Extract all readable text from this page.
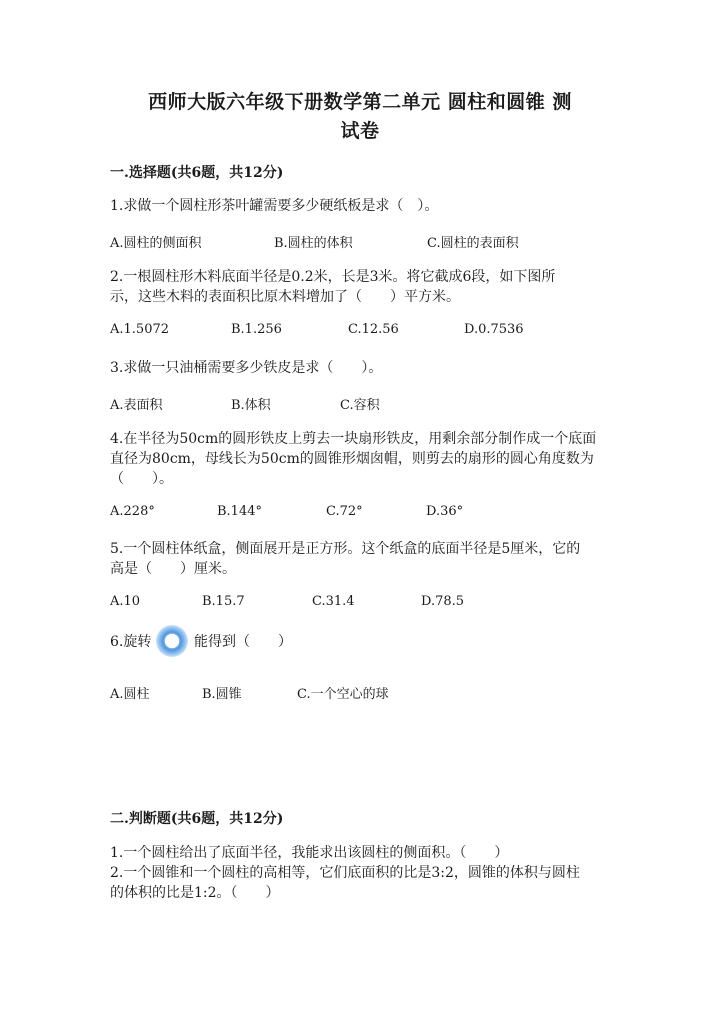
西师大版六年级下册数学第二单元 圆柱和圆锥 测
试卷
一.选择题(共6题，共12分)
1.求做一个圆柱形茶叶罐需要多少硬纸板是求（　）。
A.圆柱的侧面积	B.圆柱的体积	C.圆柱的表面积
2.一根圆柱形木料底面半径是0.2米，长是3米。将它截成6段，如下图所
示，这些木料的表面积比原木料增加了（　　）平方米。
A.1.5072	B.1.256	C.12.56	D.0.7536
3.求做一只油桶需要多少铁皮是求（　　）。
A.表面积	B.体积	C.容积
4.在半径为50cm的圆形铁皮上剪去一块扇形铁皮，用剩余部分制作成一个底面
直径为80cm，母线长为50cm的圆锥形烟囱帽，则剪去的扇形的圆心角度数为
（　　）。
A.228°	B.144°	C.72°	D.36°
5.一个圆柱体纸盒，侧面展开是正方形。这个纸盒的底面半径是5厘米，它的
高是（　　）厘米。
A.10	B.15.7	C.31.4	D.78.5
6.旋转	能得到（　　）
A.圆柱	B.圆锥	C.一个空心的球
二.判断题(共6题，共12分)
1.一个圆柱给出了底面半径，我能求出该圆柱的侧面积。（　　）
2.一个圆锥和一个圆柱的高相等，它们底面积的比是3:2，圆锥的体积与圆柱
的体积的比是1:2。（　　）
